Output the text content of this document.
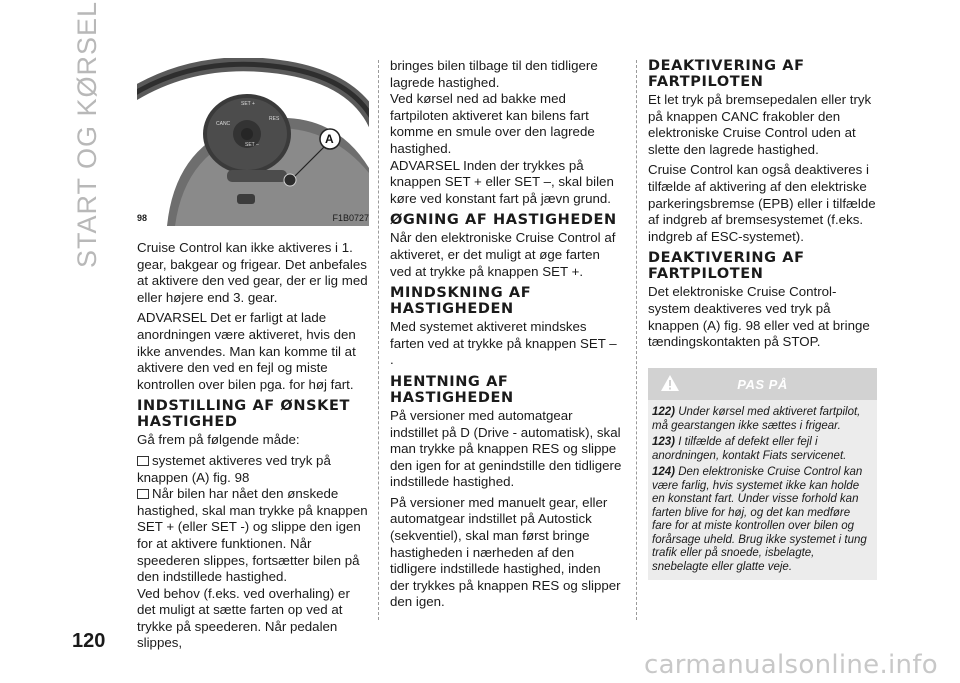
START OG KØRSEL	SET +
CANC
RES
SET –	A
98	F1B0727

Cruise Control kan ikke aktiveres i 1. gear, bakgear og frigear. Det anbefales at aktivere den ved gear, der er lig med eller højere end 3. gear.

ADVARSEL Det er farligt at lade anordningen være aktiveret, hvis den ikke anvendes. Man kan komme til at aktivere den ved en fejl og miste kontrollen over bilen pga. for høj fart.

INDSTILLING AF ØNSKET HASTIGHED

Gå frem på følgende måde:

systemet aktiveres ved tryk på knappen (A) fig. 98

Når bilen har nået den ønskede hastighed, skal man trykke på knappen SET + (eller SET -) og slippe den igen for at aktivere funktionen. Når speederen slippes, fortsætter bilen på den indstillede hastighed.

Ved behov (f.eks. ved overhaling) er det muligt at sætte farten op ved at trykke på speederen. Når pedalen slippes,

bringes bilen tilbage til den tidligere lagrede hastighed.

Ved kørsel ned ad bakke med fartpiloten aktiveret kan bilens fart komme en smule over den lagrede hastighed.

ADVARSEL Inden der trykkes på knappen SET + eller SET –, skal bilen køre ved konstant fart på jævn grund.

ØGNING AF HASTIGHEDEN

Når den elektroniske Cruise Control af aktiveret, er det muligt at øge farten ved at trykke på knappen SET +.

MINDSKNING AF HASTIGHEDEN

Med systemet aktiveret mindskes farten ved at trykke på knappen SET – .

HENTNING AF HASTIGHEDEN

På versioner med automatgear indstillet på D (Drive - automatisk), skal man trykke på knappen RES og slippe den igen for at genindstille den tidligere indstillede hastighed.

På versioner med manuelt gear, eller automatgear indstillet på Autostick (sekventiel), skal man først bringe hastigheden i nærheden af den tidligere indstillede hastighed, inden der trykkes på knappen RES og slipper den igen.

DEAKTIVERING AF FARTPILOTEN

Et let tryk på bremsepedalen eller tryk på knappen CANC frakobler den elektroniske Cruise Control uden at slette den lagrede hastighed.

Cruise Control kan også deaktiveres i tilfælde af aktivering af den elektriske parkeringsbremse (EPB) eller i tilfælde af indgreb af bremsesystemet (f.eks. indgreb af ESC-systemet).

DEAKTIVERING AF FARTPILOTEN

Det elektroniske Cruise Control-system deaktiveres ved tryk på knappen (A) fig. 98 eller ved at bringe tændingskontakten på STOP.

PAS PÅ

122) Under kørsel med aktiveret fartpilot, må gearstangen ikke sættes i frigear.

123) I tilfælde af defekt eller fejl i anordningen, kontakt Fiats servicenet.

124) Den elektroniske Cruise Control kan være farlig, hvis systemet ikke kan holde en konstant fart. Under visse forhold kan farten blive for høj, og det kan medføre fare for at miste kontrollen over bilen og forårsage uheld. Brug ikke systemet i tung trafik eller på snoede, isbelagte, snebelagte eller glatte veje.

120
carmanualsonline.info
